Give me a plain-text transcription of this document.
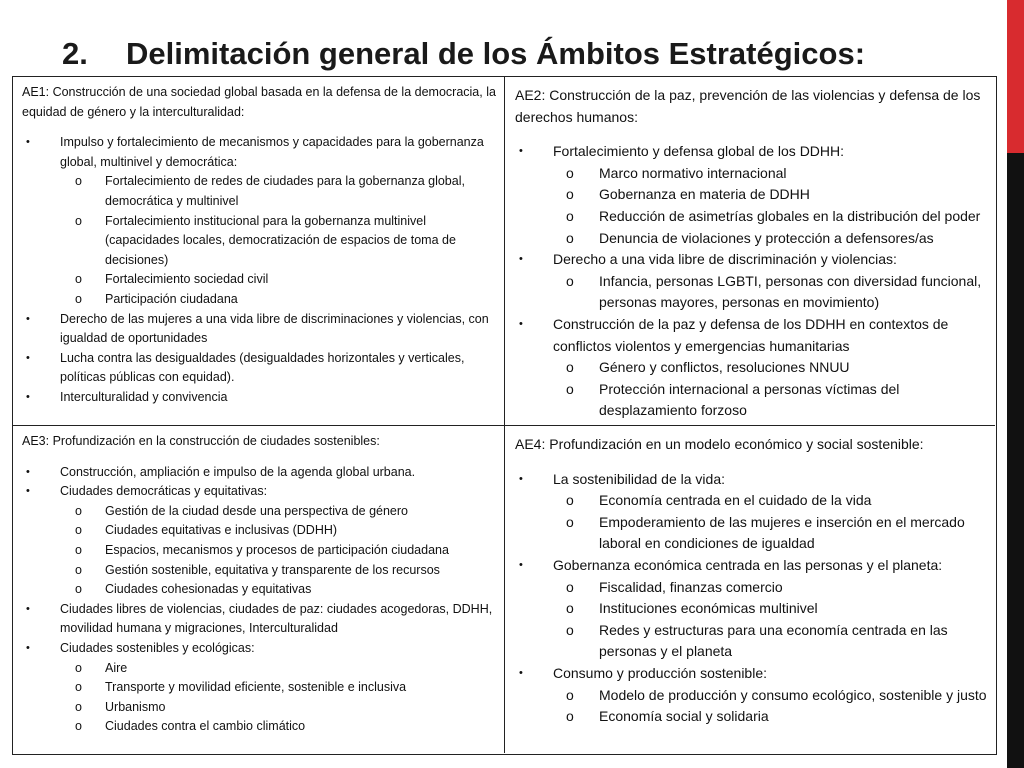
2. Delimitación general de los Ámbitos Estratégicos:

AE1: Construcción de una sociedad global basada en la defensa de la democracia, la equidad de género y la interculturalidad:

• Impulso y fortalecimiento de mecanismos y capacidades para la gobernanza global, multinivel y democrática:
o Fortalecimiento de redes de ciudades para la gobernanza global, democrática y multinivel
o Fortalecimiento institucional para la gobernanza multinivel (capacidades locales, democratización de espacios de toma de decisiones)
o Fortalecimiento sociedad civil
o Participación ciudadana
• Derecho de las mujeres a una vida libre de discriminaciones y violencias, con igualdad de oportunidades
• Lucha contra las desigualdades (desigualdades horizontales y verticales, políticas públicas con equidad).
• Interculturalidad y convivencia

AE2: Construcción de la paz, prevención de las violencias y defensa de los derechos humanos:

• Fortalecimiento y defensa global de los DDHH:
o Marco normativo internacional
o Gobernanza en materia de DDHH
o Reducción de asimetrías globales en la distribución del poder
o Denuncia de violaciones y protección a defensores/as
• Derecho a una vida libre de discriminación y violencias:
o Infancia, personas LGBTI, personas con diversidad funcional, personas mayores, personas en movimiento)
• Construcción de la paz y defensa de los DDHH en contextos de conflictos violentos y emergencias humanitarias
o Género y conflictos, resoluciones NNUU
o Protección internacional a personas víctimas del desplazamiento forzoso

AE3: Profundización en la construcción de ciudades sostenibles:

• Construcción, ampliación e impulso de la agenda global urbana.
• Ciudades democráticas y equitativas:
o Gestión de la ciudad desde una perspectiva de género
o Ciudades equitativas e inclusivas (DDHH)
o Espacios, mecanismos y procesos de participación ciudadana
o Gestión sostenible, equitativa y transparente de los recursos
o Ciudades cohesionadas y equitativas
• Ciudades libres de violencias, ciudades de paz: ciudades acogedoras, DDHH, movilidad humana y migraciones, Interculturalidad
• Ciudades sostenibles y ecológicas:
o Aire
o Transporte y movilidad eficiente, sostenible e inclusiva
o Urbanismo
o Ciudades contra el cambio climático

AE4: Profundización en un modelo económico y social sostenible:

• La sostenibilidad de la vida:
o Economía centrada en el cuidado de la vida
o Empoderamiento de las mujeres e inserción en el mercado laboral en condiciones de igualdad
• Gobernanza económica centrada en las personas y el planeta:
o Fiscalidad, finanzas comercio
o Instituciones económicas multinivel
o Redes y estructuras para una economía centrada en las personas y el planeta
• Consumo y producción sostenible:
o Modelo de producción y consumo ecológico, sostenible y justo
o Economía social y solidaria
